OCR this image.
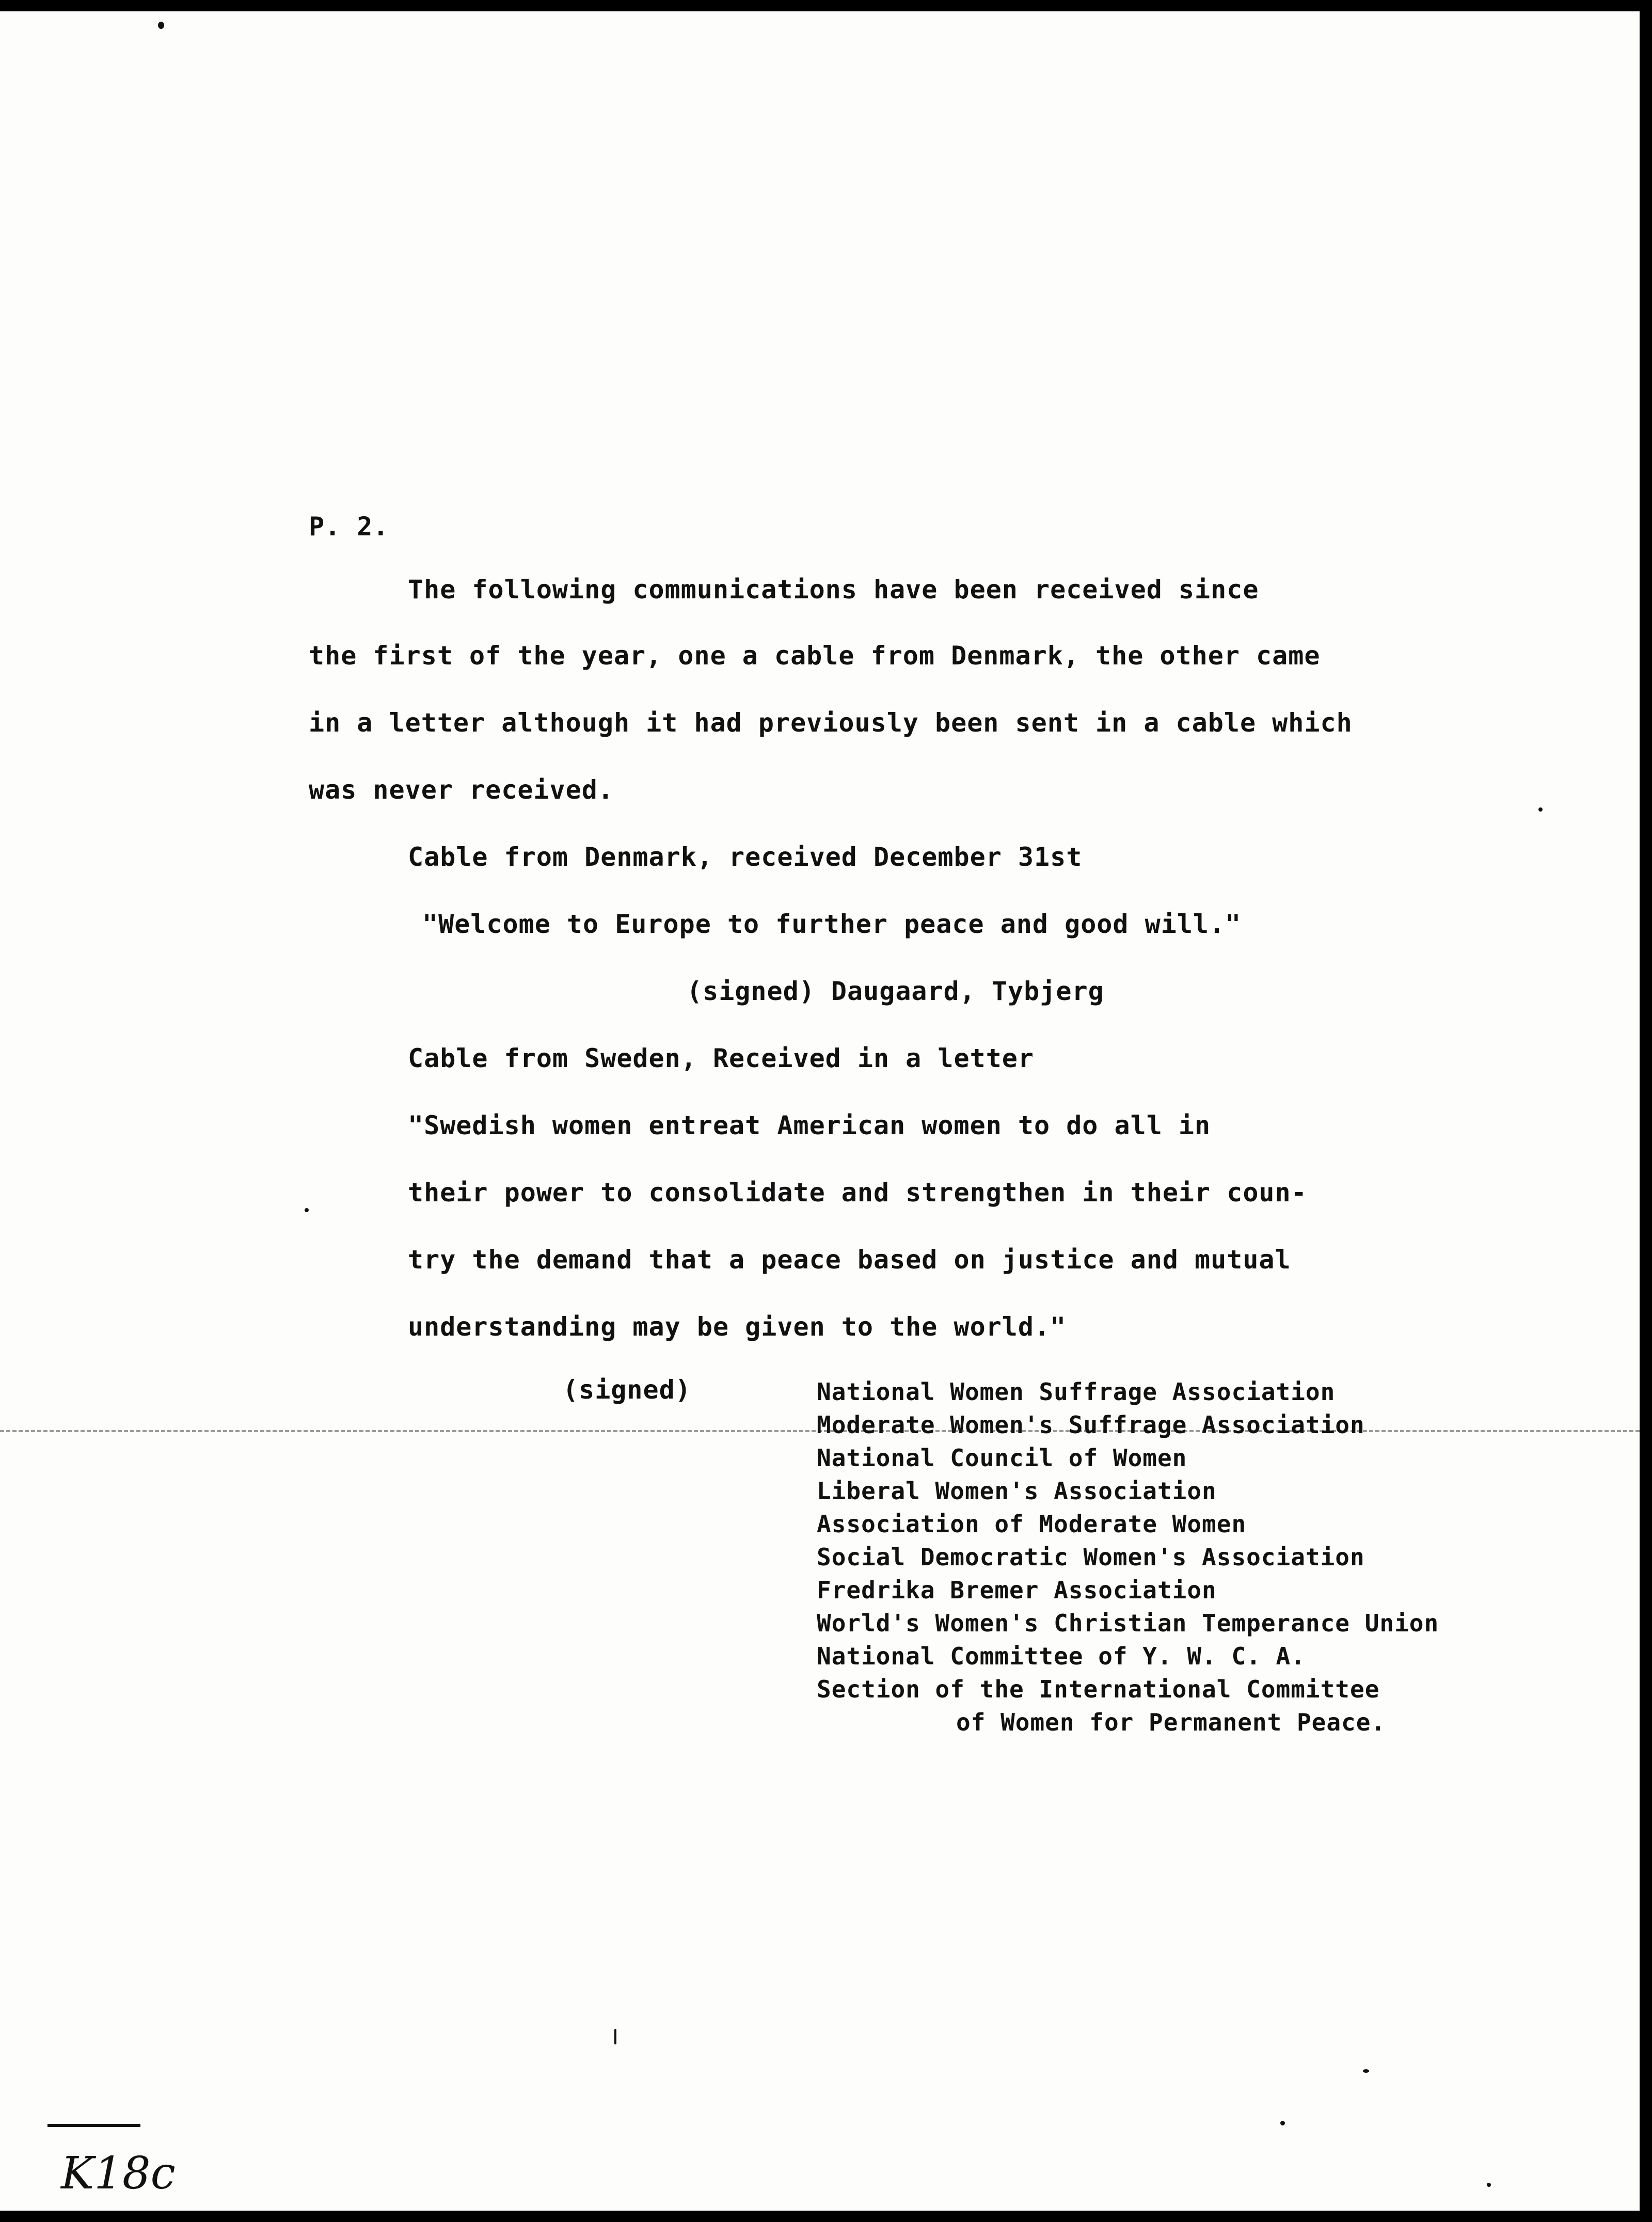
P. 2.
The following communications have been received since
the first of the year, one a cable from Denmark, the other came
in a letter although it had previously been sent in a cable which
was never received.
Cable from Denmark, received December 31st
"Welcome to Europe to further peace and good will."
(signed) Daugaard, Tybjerg
Cable from Sweden, Received in a letter
"Swedish women entreat American women to do all in
their power to consolidate and strengthen in their coun-
try the demand that a peace based on justice and mutual
understanding may be given to the world."
(signed)	National Women Suffrage Association
Moderate Women's Suffrage Association
National Council of Women
Liberal Women's Association
Association of Moderate Women
Social Democratic Women's Association
Fredrika Bremer Association
World's Women's Christian Temperance Union
National Committee of Y. W. C. A.
Section of the International Committee
of Women for Permanent Peace.
K18c
